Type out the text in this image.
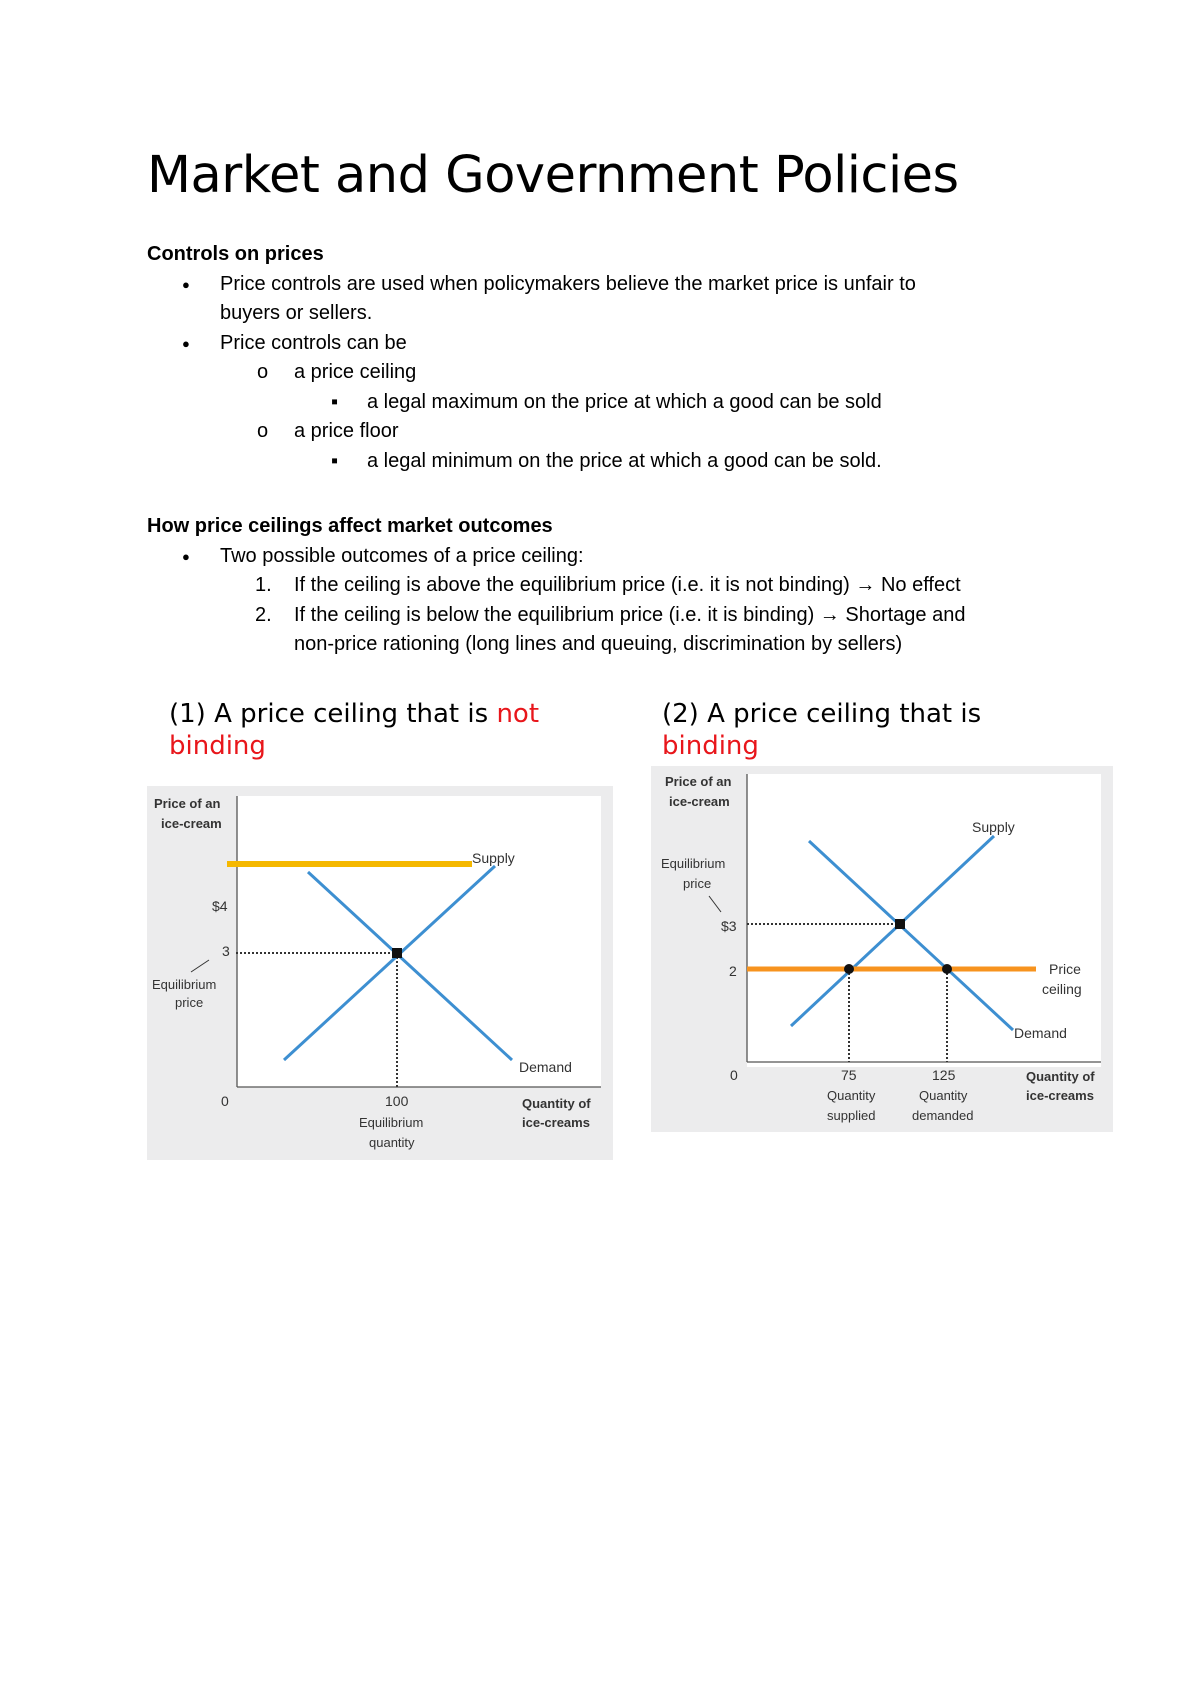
Market and Government Policies
Controls on prices
● Price controls are used when policymakers believe the market price is unfair to
buyers or sellers.
● Price controls can be
o a price ceiling
▪ a legal maximum on the price at which a good can be sold
o a price floor
▪ a legal minimum on the price at which a good can be sold.
How price ceilings affect market outcomes
● Two possible outcomes of a price ceiling:
1. If the ceiling is above the equilibrium price (i.e. it is not binding) → No effect
2. If the ceiling is below the equilibrium price (i.e. it is binding) → Shortage and
non-price rationing (long lines and queuing, discrimination by sellers)
(1) A price ceiling that is not
binding
(2) A price ceiling that is
binding
Price of an
ice-cream
$4
3
Equilibrium
price
0	100
Equilibrium
quantity
Quantity of
ice-creams
Supply
Demand
Price of an
ice-cream
Equilibrium
price
$3
2
0	75	125
Quantity
supplied
Quantity
demanded
Quantity of
ice-creams
Supply
Demand
Price
ceiling
